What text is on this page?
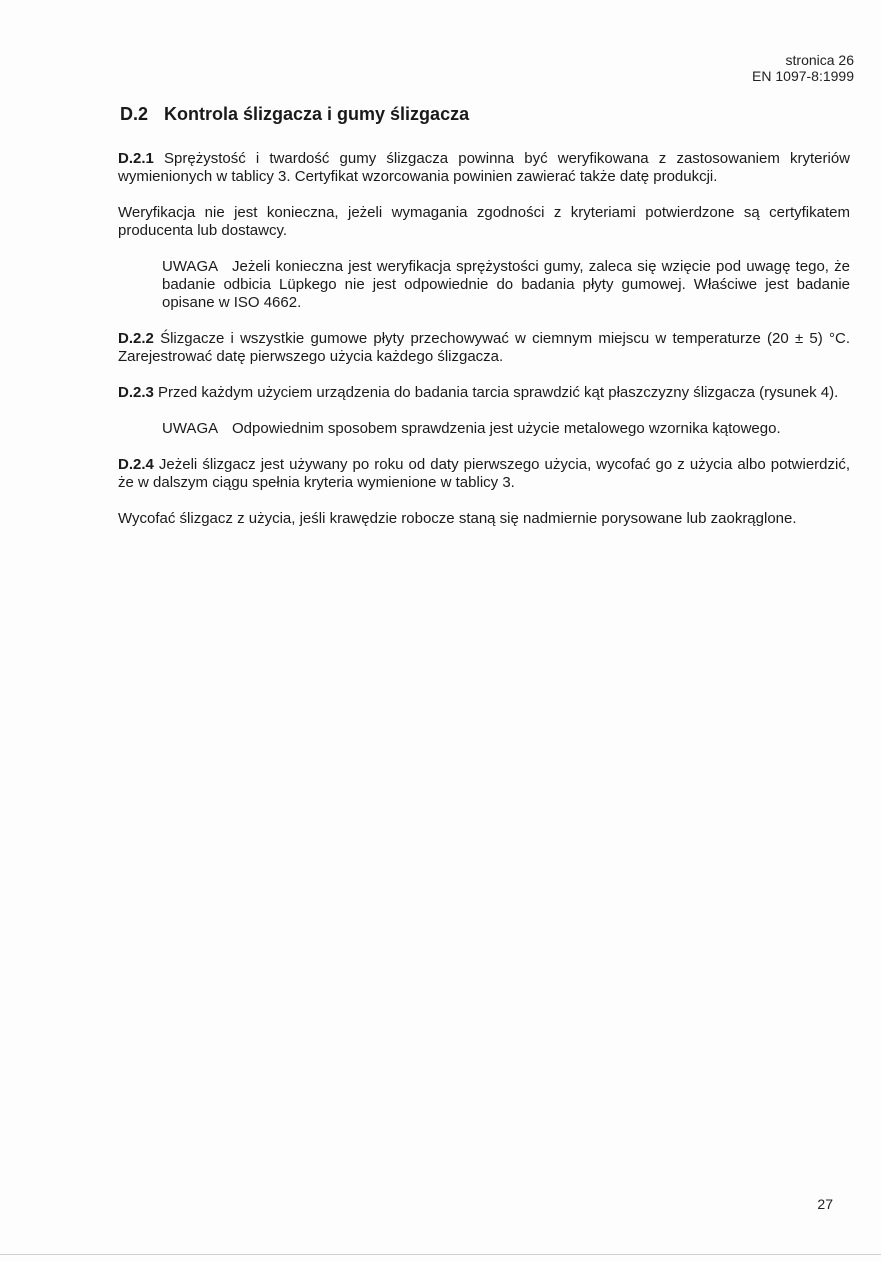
stronica 26
EN 1097-8:1999
D.2 Kontrola ślizgacza i gumy ślizgacza

D.2.1 Sprężystość i twardość gumy ślizgacza powinna być weryfikowana z zastosowaniem kryteriów wymienionych w tablicy 3. Certyfikat wzorcowania powinien zawierać także datę produkcji.

Weryfikacja nie jest konieczna, jeżeli wymagania zgodności z kryteriami potwierdzone są certyfikatem producenta lub dostawcy.

UWAGA Jeżeli konieczna jest weryfikacja sprężystości gumy, zaleca się wzięcie pod uwagę tego, że badanie odbicia Lüpkego nie jest odpowiednie do badania płyty gumowej. Właściwe jest badanie opisane w ISO 4662.

D.2.2 Ślizgacze i wszystkie gumowe płyty przechowywać w ciemnym miejscu w temperaturze (20 ± 5) °C. Zarejestrować datę pierwszego użycia każdego ślizgacza.

D.2.3 Przed każdym użyciem urządzenia do badania tarcia sprawdzić kąt płaszczyzny ślizgacza (rysunek 4).

UWAGA Odpowiednim sposobem sprawdzenia jest użycie metalowego wzornika kątowego.

D.2.4 Jeżeli ślizgacz jest używany po roku od daty pierwszego użycia, wycofać go z użycia albo potwierdzić, że w dalszym ciągu spełnia kryteria wymienione w tablicy 3.

Wycofać ślizgacz z użycia, jeśli krawędzie robocze staną się nadmiernie porysowane lub zaokrąglone.

27
